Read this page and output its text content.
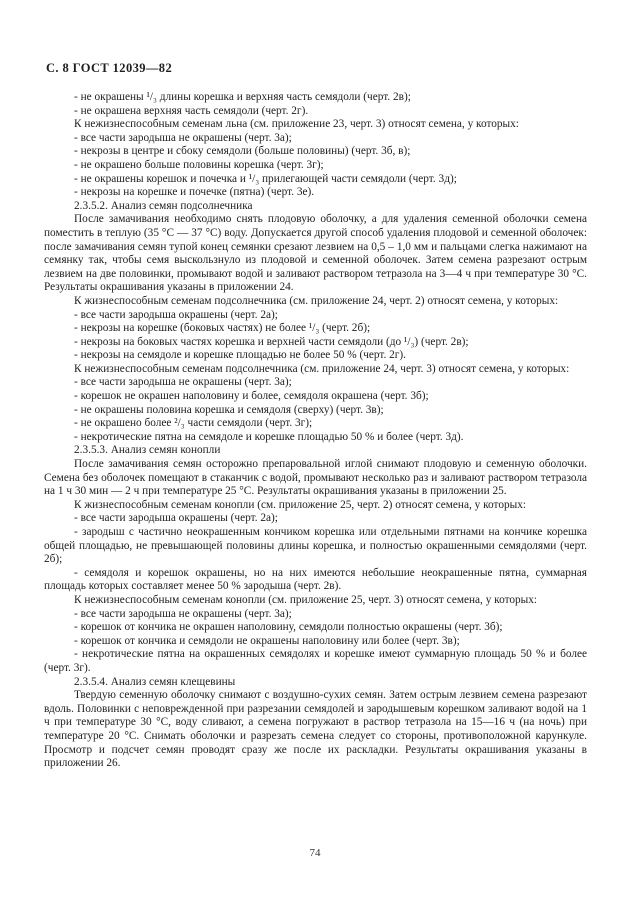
С. 8 ГОСТ 12039—82

- не окрашены ¹/₃ длины корешка и верхняя часть семядоли (черт. 2в);

- не окрашена верхняя часть семядоли (черт. 2г).

К нежизнеспособным семенам льна (см. приложение 23, черт. 3) относят семена, у которых:

- все части зародыша не окрашены (черт. 3а);

- некрозы в центре и сбоку семядоли (больше половины) (черт. 3б, в);

- не окрашено больше половины корешка (черт. 3г);

- не окрашены корешок и почечка и ¹/₃ прилегающей части семядоли (черт. 3д);

- некрозы на корешке и почечке (пятна) (черт. 3е).

2.3.5.2. Анализ семян подсолнечника

После замачивания необходимо снять плодовую оболочку, а для удаления семенной оболочки семена поместить в теплую (35 °С — 37 °С) воду. Допускается другой способ удаления плодовой и семенной оболочек: после замачивания семян тупой конец семянки срезают лезвием на 0,5 – 1,0 мм и пальцами слегка нажимают на семянку так, чтобы семя выскользнуло из плодовой и семенной оболочек. Затем семена разрезают острым лезвием на две половинки, промывают водой и заливают раствором тетразола на 3—4 ч при температуре 30 °С. Результаты окрашивания указаны в приложении 24.

К жизнеспособным семенам подсолнечника (см. приложение 24, черт. 2) относят семена, у которых:

- все части зародыша окрашены (черт. 2а);

- некрозы на корешке (боковых частях) не более ¹/₃ (черт. 2б);

- некрозы на боковых частях корешка и верхней части семядоли (до ¹/₃) (черт. 2в);

- некрозы на семядоле и корешке площадью не более 50 % (черт. 2г).

К нежизнеспособным семенам подсолнечника (см. приложение 24, черт. 3) относят семена, у которых:

- все части зародыша не окрашены (черт. 3а);

- корешок не окрашен наполовину и более, семядоля окрашена (черт. 3б);

- не окрашены половина корешка и семядоля (сверху) (черт. 3в);

- не окрашено более ²/₃ части семядоли (черт. 3г);

- некротические пятна на семядоле и корешке площадью 50 % и более (черт. 3д).

2.3.5.3. Анализ семян конопли

После замачивания семян осторожно препаровальной иглой снимают плодовую и семенную оболочки. Семена без оболочек помещают в стаканчик с водой, промывают несколько раз и заливают раствором тетразола на 1 ч 30 мин — 2 ч при температуре 25 °С. Результаты окрашивания указаны в приложении 25.

К жизнеспособным семенам конопли (см. приложение 25, черт. 2) относят семена, у которых:

- все части зародыша окрашены (черт. 2а);

- зародыш с частично неокрашенным кончиком корешка или отдельными пятнами на кончике корешка общей площадью, не превышающей половины длины корешка, и полностью окрашенными семядолями (черт. 2б);

- семядоля и корешок окрашены, но на них имеются небольшие неокрашенные пятна, суммарная площадь которых составляет менее 50 % зародыша (черт. 2в).

К нежизнеспособным семенам конопли (см. приложение 25, черт. 3) относят семена, у которых:

- все части зародыша не окрашены (черт. 3а);

- корешок от кончика не окрашен наполовину, семядоли полностью окрашены (черт. 3б);

- корешок от кончика и семядоли не окрашены наполовину или более (черт. 3в);

- некротические пятна на окрашенных семядолях и корешке имеют суммарную площадь 50 % и более (черт. 3г).

2.3.5.4. Анализ семян клещевины

Твердую семенную оболочку снимают с воздушно-сухих семян. Затем острым лезвием семена разрезают вдоль. Половинки с неповрежденной при разрезании семядолей и зародышевым корешком заливают водой на 1 ч при температуре 30 °С, воду сливают, а семена погружают в раствор тетразола на 15—16 ч (на ночь) при температуре 20 °С. Снимать оболочки и разрезать семена следует со стороны, противоположной карункуле. Просмотр и подсчет семян проводят сразу же после их раскладки. Результаты окрашивания указаны в приложении 26.

74
